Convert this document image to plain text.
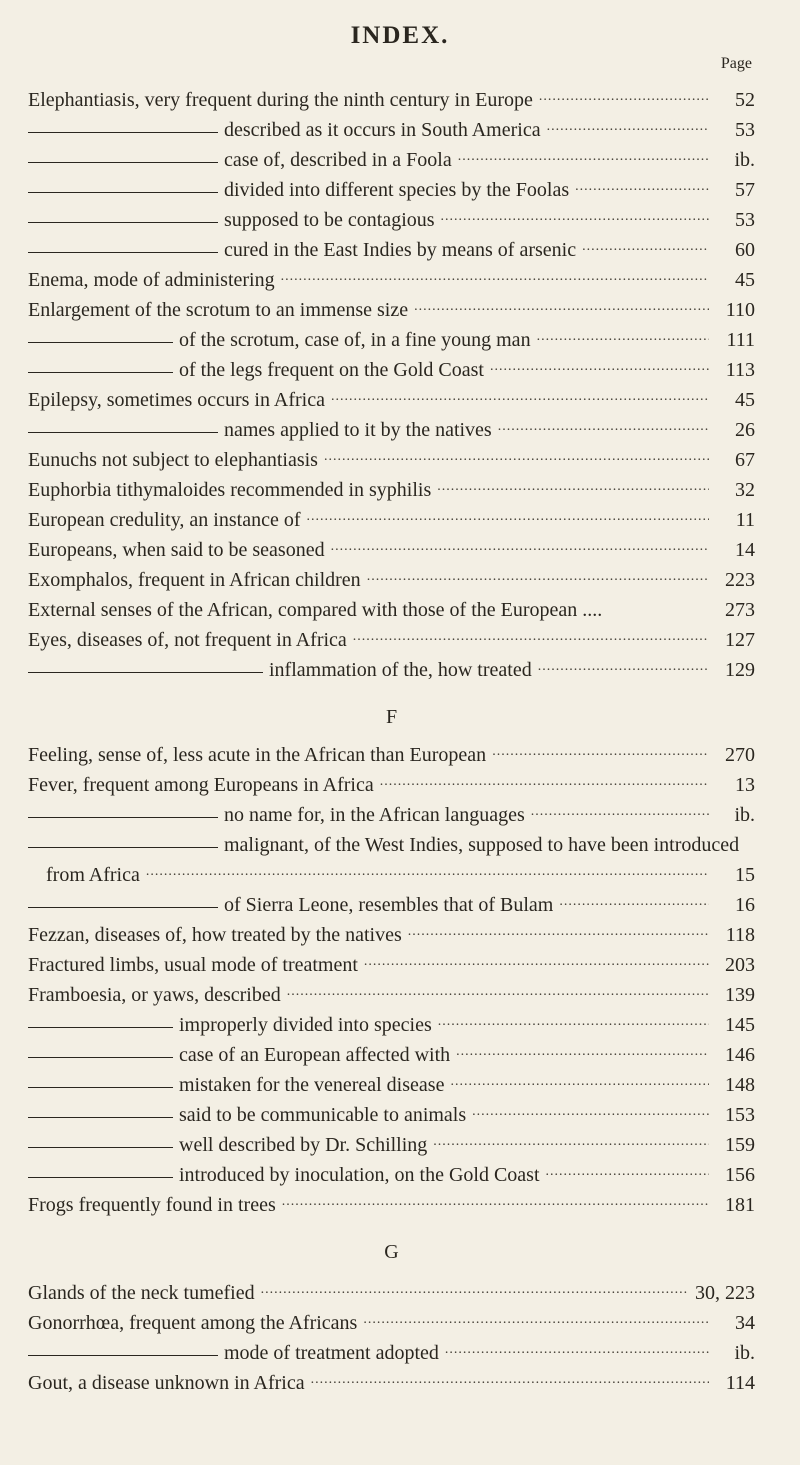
INDEX.
Page
Elephantiasis, very frequent during the ninth century in Europe .....	52
described as it occurs in South America .....	53
case of, described in a Foola .....	ib.
divided into different species by the Foolas .....	57
supposed to be contagious .....	53
cured in the East Indies by means of arsenic .....	60
Enema, mode of administering .....	45
Enlargement of the scrotum to an immense size .....	110
of the scrotum, case of, in a fine young man .....	111
of the legs frequent on the Gold Coast .....	113
Epilepsy, sometimes occurs in Africa .....	45
names applied to it by the natives .....	26
Eunuchs not subject to elephantiasis .....	67
Euphorbia tithymaloides recommended in syphilis .....	32
European credulity, an instance of .....	11
Europeans, when said to be seasoned .....	14
Exomphalos, frequent in African children .....	223
External senses of the African, compared with those of the European ....	273
Eyes, diseases of, not frequent in Africa .....	127
inflammation of the, how treated .....	129
F
Feeling, sense of, less acute in the African than European .....	270
Fever, frequent among Europeans in Africa .....	13
no name for, in the African languages .....	ib.
malignant, of the West Indies, supposed to have been introduced
from Africa .....	15
of Sierra Leone, resembles that of Bulam .....	16
Fezzan, diseases of, how treated by the natives .....	118
Fractured limbs, usual mode of treatment .....	203
Framboesia, or yaws, described .....	139
improperly divided into species .....	145
case of an European affected with .....	146
mistaken for the venereal disease .....	148
said to be communicable to animals .....	153
well described by Dr. Schilling .....	159
introduced by inoculation, on the Gold Coast .....	156
Frogs frequently found in trees .....	181
G
Glands of the neck tumefied .....	30, 223
Gonorrhœa, frequent among the Africans .....	34
mode of treatment adopted .....	ib.
Gout, a disease unknown in Africa .....	114
